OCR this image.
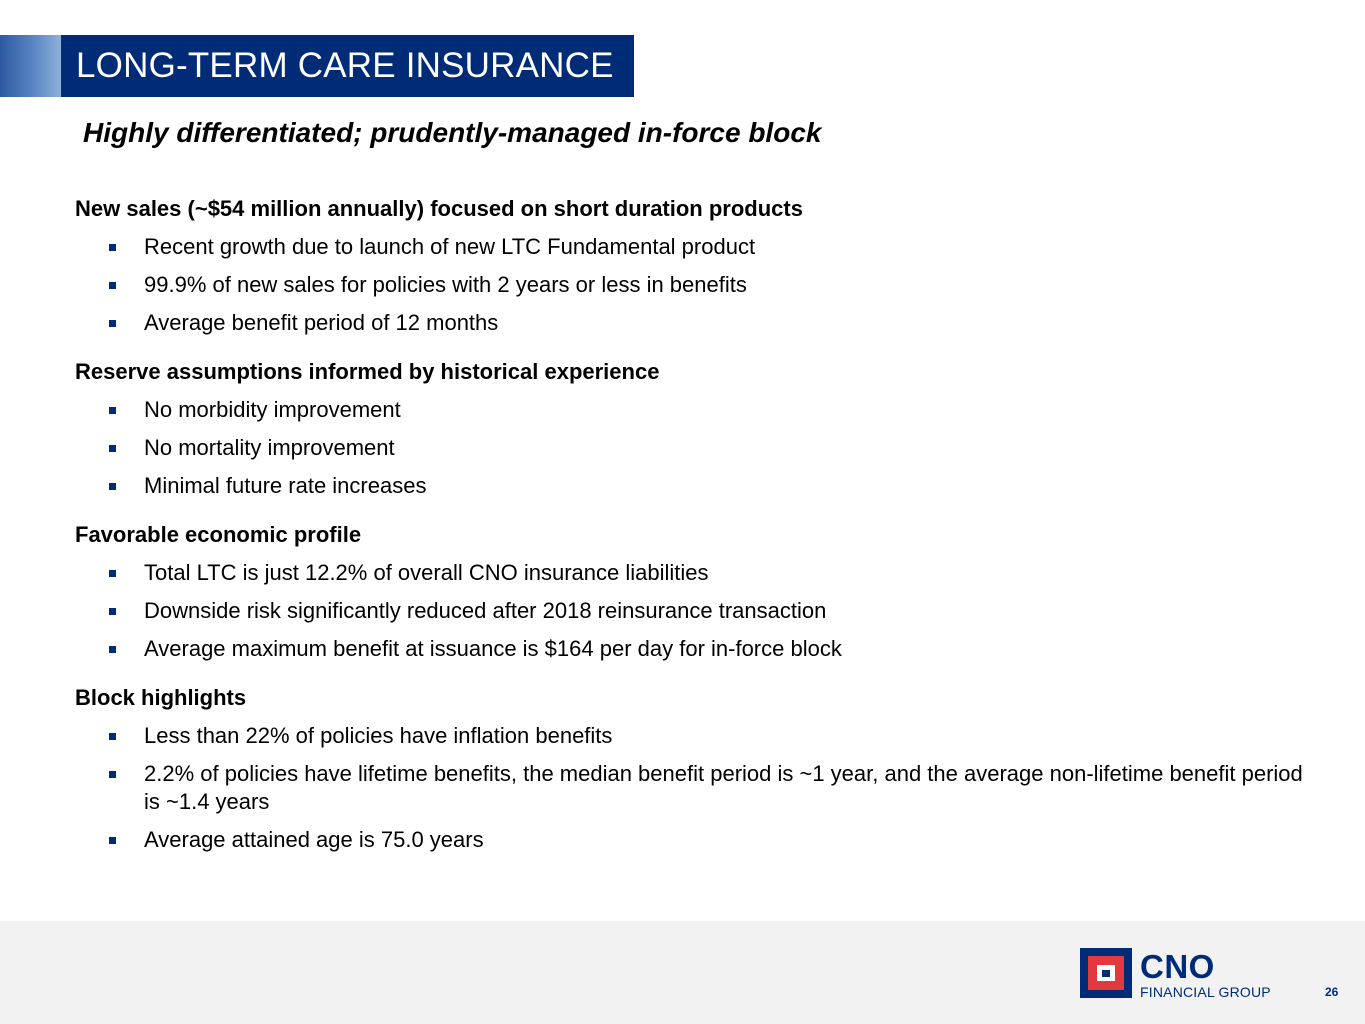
LONG-TERM CARE INSURANCE
Highly differentiated; prudently-managed in-force block
New sales (~$54 million annually) focused on short duration products
Recent growth due to launch of new LTC Fundamental product
99.9% of new sales for policies with 2 years or less in benefits
Average benefit period of 12 months
Reserve assumptions informed by historical experience
No morbidity improvement
No mortality improvement
Minimal future rate increases
Favorable economic profile
Total LTC is just 12.2% of overall CNO insurance liabilities
Downside risk significantly reduced after 2018 reinsurance transaction
Average maximum benefit at issuance is $164 per day for in-force block
Block highlights
Less than 22% of policies have inflation benefits
2.2% of policies have lifetime benefits, the median benefit period is ~1 year, and the average non-lifetime benefit period is ~1.4 years
Average attained age is 75.0 years
CNO
FINANCIAL GROUP	26
